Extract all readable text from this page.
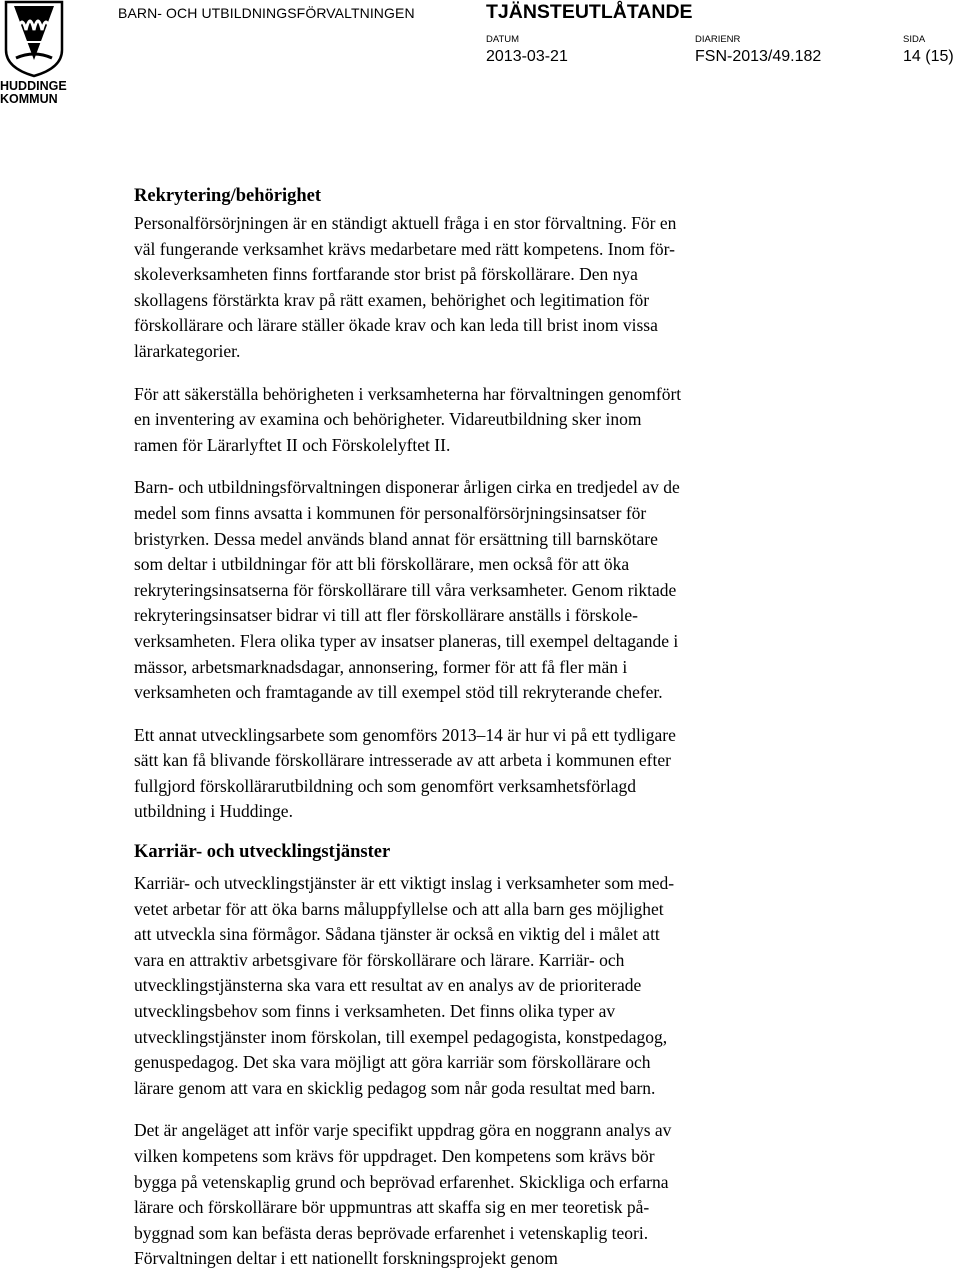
HUDDINGE
KOMMUN
BARN- OCH UTBILDNINGSFÖRVALTNINGEN	TJÄNSTEUTLÅTANDE
DATUM
2013-03-21
DIARIENR
FSN-2013/49.182
SIDA
14 (15)
Rekrytering/behörighet

Personalförsörjningen är en ständigt aktuell fråga i en stor förvaltning. För en
väl fungerande verksamhet krävs medarbetare med rätt kompetens. Inom för-
skoleverksamheten finns fortfarande stor brist på förskollärare. Den nya
skollagens förstärkta krav på rätt examen, behörighet och legitimation för
förskollärare och lärare ställer ökade krav och kan leda till brist inom vissa
lärarkategorier.

För att säkerställa behörigheten i verksamheterna har förvaltningen genomfört
en inventering av examina och behörigheter. Vidareutbildning sker inom
ramen för Lärarlyftet II och Förskolelyftet II.

Barn- och utbildningsförvaltningen disponerar årligen cirka en tredjedel av de
medel som finns avsatta i kommunen för personalförsörjningsinsatser för
bristyrken. Dessa medel används bland annat för ersättning till barnskötare
som deltar i utbildningar för att bli förskollärare, men också för att öka
rekryteringsinsatserna för förskollärare till våra verksamheter. Genom riktade
rekryteringsinsatser bidrar vi till att fler förskollärare anställs i förskole-
verksamheten. Flera olika typer av insatser planeras, till exempel deltagande i
mässor, arbetsmarknadsdagar, annonsering, former för att få fler män i
verksamheten och framtagande av till exempel stöd till rekryterande chefer.

Ett annat utvecklingsarbete som genomförs 2013–14 är hur vi på ett tydligare
sätt kan få blivande förskollärare intresserade av att arbeta i kommunen efter
fullgjord förskollärarutbildning och som genomfört verksamhetsförlagd
utbildning i Huddinge.

Karriär- och utvecklingstjänster

Karriär- och utvecklingstjänster är ett viktigt inslag i verksamheter som med-
vetet arbetar för att öka barns måluppfyllelse och att alla barn ges möjlighet
att utveckla sina förmågor. Sådana tjänster är också en viktig del i målet att
vara en attraktiv arbetsgivare för förskollärare och lärare. Karriär- och
utvecklingstjänsterna ska vara ett resultat av en analys av de prioriterade
utvecklingsbehov som finns i verksamheten. Det finns olika typer av
utvecklingstjänster inom förskolan, till exempel pedagogista, konstpedagog,
genuspedagog. Det ska vara möjligt att göra karriär som förskollärare och
lärare genom att vara en skicklig pedagog som når goda resultat med barn.

Det är angeläget att inför varje specifikt uppdrag göra en noggrann analys av
vilken kompetens som krävs för uppdraget. Den kompetens som krävs bör
bygga på vetenskaplig grund och beprövad erfarenhet. Skickliga och erfarna
lärare och förskollärare bör uppmuntras att skaffa sig en mer teoretisk på-
byggnad som kan befästa deras beprövade erfarenhet i vetenskaplig teori.
Förvaltningen deltar i ett nationellt forskningsprojekt genom
